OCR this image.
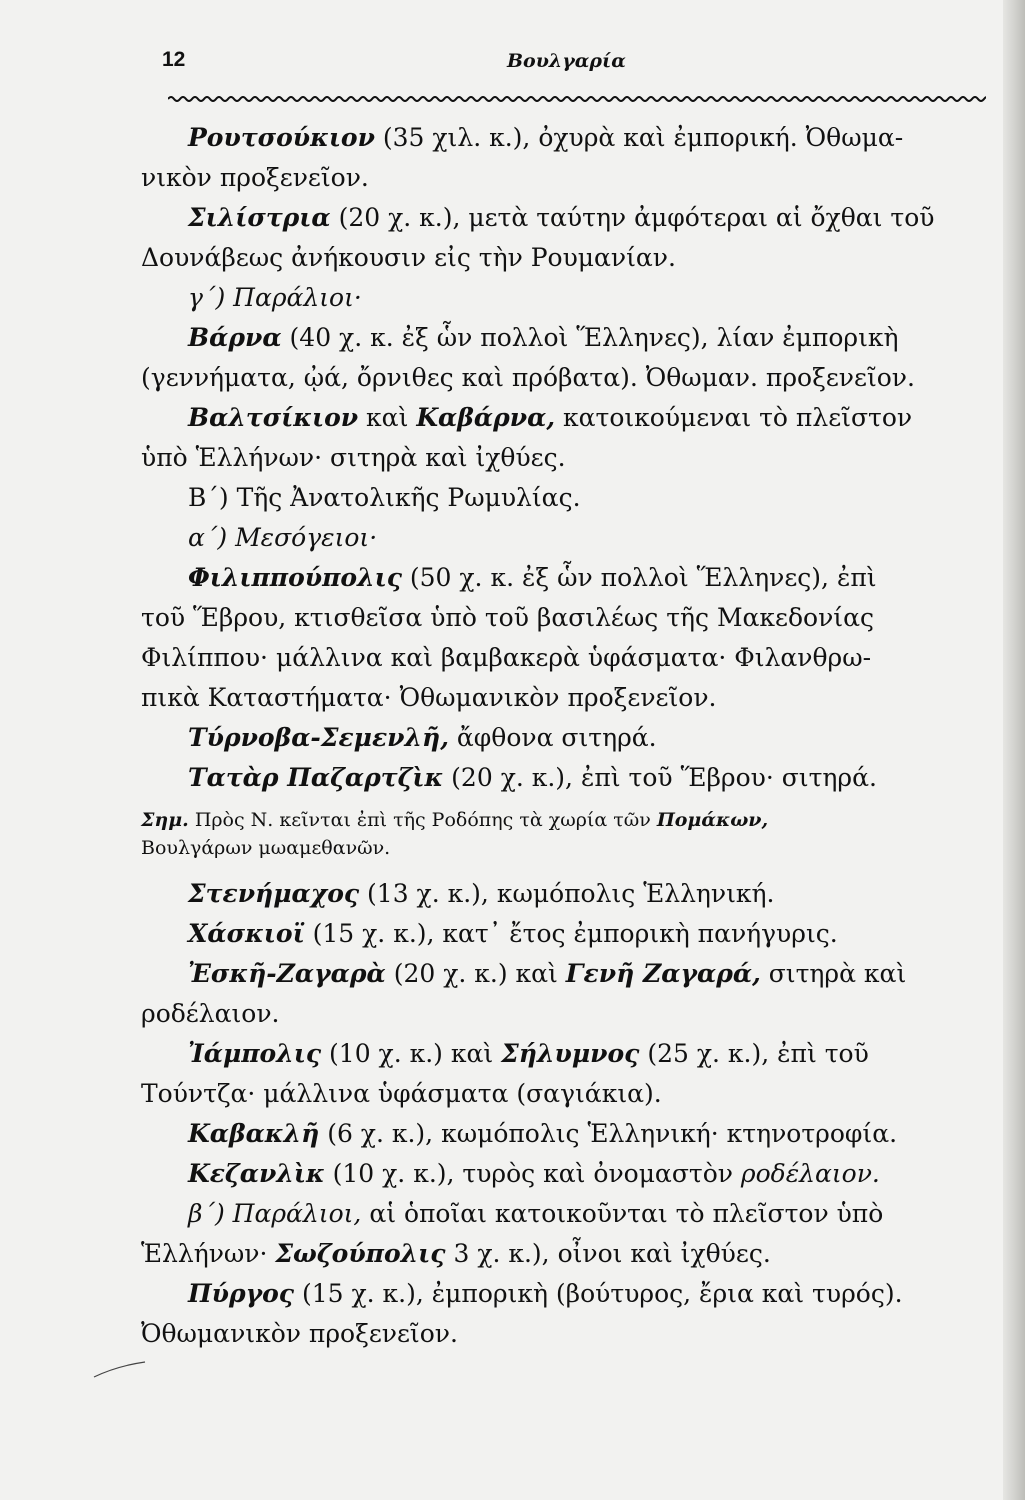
12	Βουλγαρία
Ρουτσούκιον (35 χιλ. κ.), ὀχυρὰ καὶ ἐμπορική. Ὀθωμα-
νικὸν προξενεῖον.
Σιλίστρια (20 χ. κ.), μετὰ ταύτην ἀμφότεραι αἱ ὄχθαι τοῦ
Δουνάβεως ἀνήκουσιν εἰς τὴν Ρουμανίαν.
γ΄) Παράλιοι·
Βάρνα (40 χ. κ. ἐξ ὧν πολλοὶ Ἕλληνες), λίαν ἐμπορικὴ
(γεννήματα, ᾠά, ὄρνιθες καὶ πρόβατα). Ὀθωμαν. προξενεῖον.
Βαλτσίκιον καὶ Καβάρνα, κατοικούμεναι τὸ πλεῖστον
ὑπὸ Ἑλλήνων· σιτηρὰ καὶ ἰχθύες.
Β΄) Τῆς Ἀνατολικῆς Ρωμυλίας.
α΄) Μεσόγειοι·
Φιλιππούπολις (50 χ. κ. ἐξ ὧν πολλοὶ Ἕλληνες), ἐπὶ
τοῦ Ἕβρου, κτισθεῖσα ὑπὸ τοῦ βασιλέως τῆς Μακεδονίας
Φιλίππου· μάλλινα καὶ βαμβακερὰ ὑφάσματα· Φιλανθρω-
πικὰ Καταστήματα· Ὀθωμανικὸν προξενεῖον.
Τύρνοβα-Σεμενλῆ, ἄφθονα σιτηρά.
Τατὰρ Παζαρτζὶκ (20 χ. κ.), ἐπὶ τοῦ Ἕβρου· σιτηρά.
Σημ. Πρὸς Ν. κεῖνται ἐπὶ τῆς Ροδόπης τὰ χωρία τῶν Πομάκων,
Βουλγάρων μωαμεθανῶν.
Στενήμαχος (13 χ. κ.), κωμόπολις Ἑλληνική.
Χάσκιοϊ (15 χ. κ.), κατ᾽ ἔτος ἐμπορικὴ πανήγυρις.
Ἐσκῆ-Ζαγαρὰ (20 χ. κ.) καὶ Γενῆ Ζαγαρά, σιτηρὰ καὶ
ροδέλαιον.
Ἰάμπολις (10 χ. κ.) καὶ Σήλυμνος (25 χ. κ.), ἐπὶ τοῦ
Τούντζα· μάλλινα ὑφάσματα (σαγιάκια).
Καβακλῆ (6 χ. κ.), κωμόπολις Ἑλληνική· κτηνοτροφία.
Κεζανλὶκ (10 χ. κ.), τυρὸς καὶ ὀνομαστὸν ροδέλαιον.
β΄) Παράλιοι, αἱ ὁποῖαι κατοικοῦνται τὸ πλεῖστον ὑπὸ
Ἑλλήνων· Σωζούπολις 3 χ. κ.), οἶνοι καὶ ἰχθύες.
Πύργος (15 χ. κ.), ἐμπορικὴ (βούτυρος, ἔρια καὶ τυρός).
Ὀθωμανικὸν προξενεῖον.
